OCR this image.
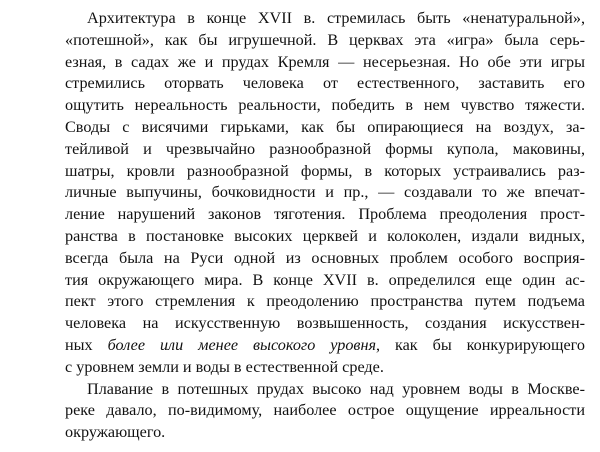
Архитектура в конце XVII в. стремилась быть «ненатуральной»,
«потешной», как бы игрушечной. В церквах эта «игра» была серь-
езная, в садах же и прудах Кремля — несерьезная. Но обе эти игры
стремились оторвать человека от естественного, заставить его
ощутить нереальность реальности, победить в нем чувство тяжести.
Своды с висячими гирьками, как бы опирающиеся на воздух, за-
тейливой и чрезвычайно разнообразной формы купола, маковины,
шатры, кровли разнообразной формы, в которых устраивались раз-
личные выпучины, бочковидности и пр., — создавали то же впечат-
ление нарушений законов тяготения. Проблема преодоления прост-
ранства в постановке высоких церквей и колоколен, издали видных,
всегда была на Руси одной из основных проблем особого восприя-
тия окружающего мира. В конце XVII в. определился еще один ас-
пект этого стремления к преодолению пространства путем подъема
человека на искусственную возвышенность, создания искусствен-
ных более или менее высокого уровня, как бы конкурирующего
с уровнем земли и воды в естественной среде.
Плавание в потешных прудах высоко над уровнем воды в Москве-
реке давало, по-видимому, наиболее острое ощущение ирреальности
окружающего.
